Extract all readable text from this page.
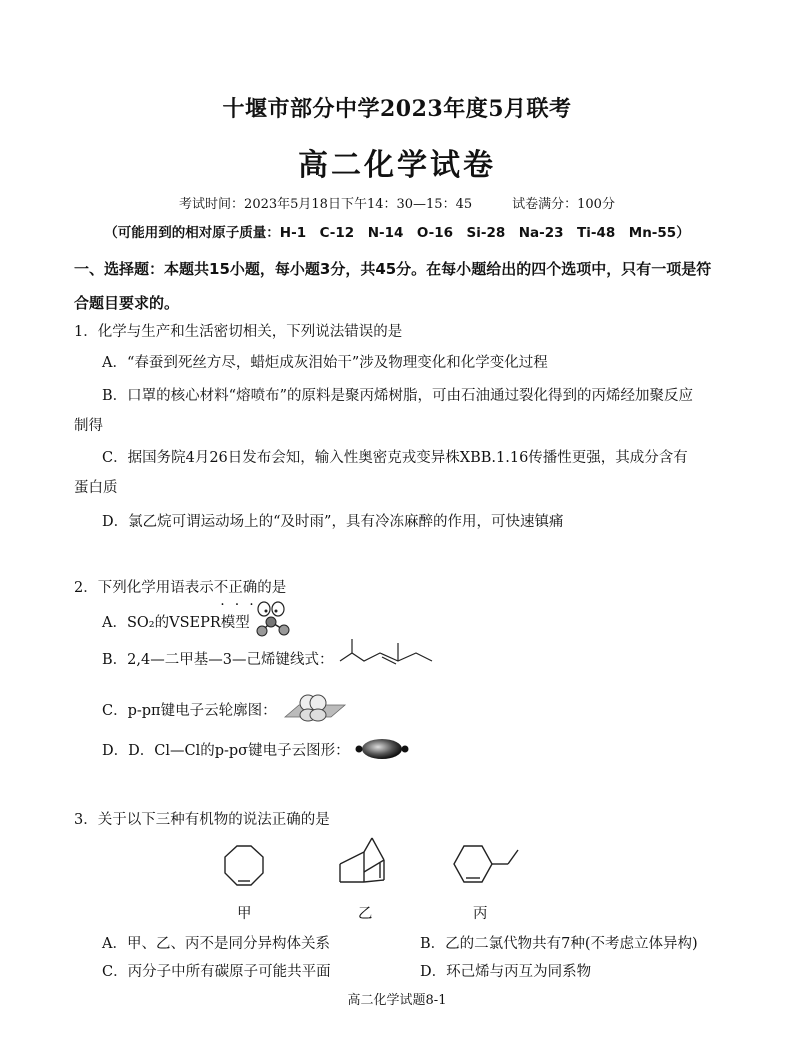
十堰市部分中学2023年度5月联考
高二化学试卷
考试时间：2023年5月18日下午14：30—15：45	试卷满分：100分
（可能用到的相对原子质量：H-1　C-12　N-14　O-16　Si-28　Na-23　Ti-48　Mn-55）
一、选择题：本题共15小题，每小题3分，共45分。在每小题给出的四个选项中，只有一项是符
合题目要求的。
1．化学与生产和生活密切相关，下列说法错误的是
A．“春蚕到死丝方尽，蜡炬成灰泪始干”涉及物理变化和化学变化过程
B．口罩的核心材料“熔喷布”的原料是聚丙烯树脂，可由石油通过裂化得到的丙烯经加聚反应
制得
C．据国务院4月26日发布会知，输入性奥密克戎变异株XBB.1.16传播性更强，其成分含有
蛋白质
D．氯乙烷可谓运动场上的“及时雨”，具有冷冻麻醉的作用，可快速镇痛
2．下列化学用语表示不正确的是
A．SO₂的VSEPR模型
B．2,4—二甲基—3—己烯键线式：
C．p-pπ键电子云轮廓图：
D．D．Cl—Cl的p-pσ键电子云图形：
3．关于以下三种有机物的说法正确的是
甲	乙	丙
A．甲、乙、丙不是同分异构体关系	B．乙的二氯代物共有7种(不考虑立体异构)
C．丙分子中所有碳原子可能共平面	D．环己烯与丙互为同系物
高二化学试题8-1
